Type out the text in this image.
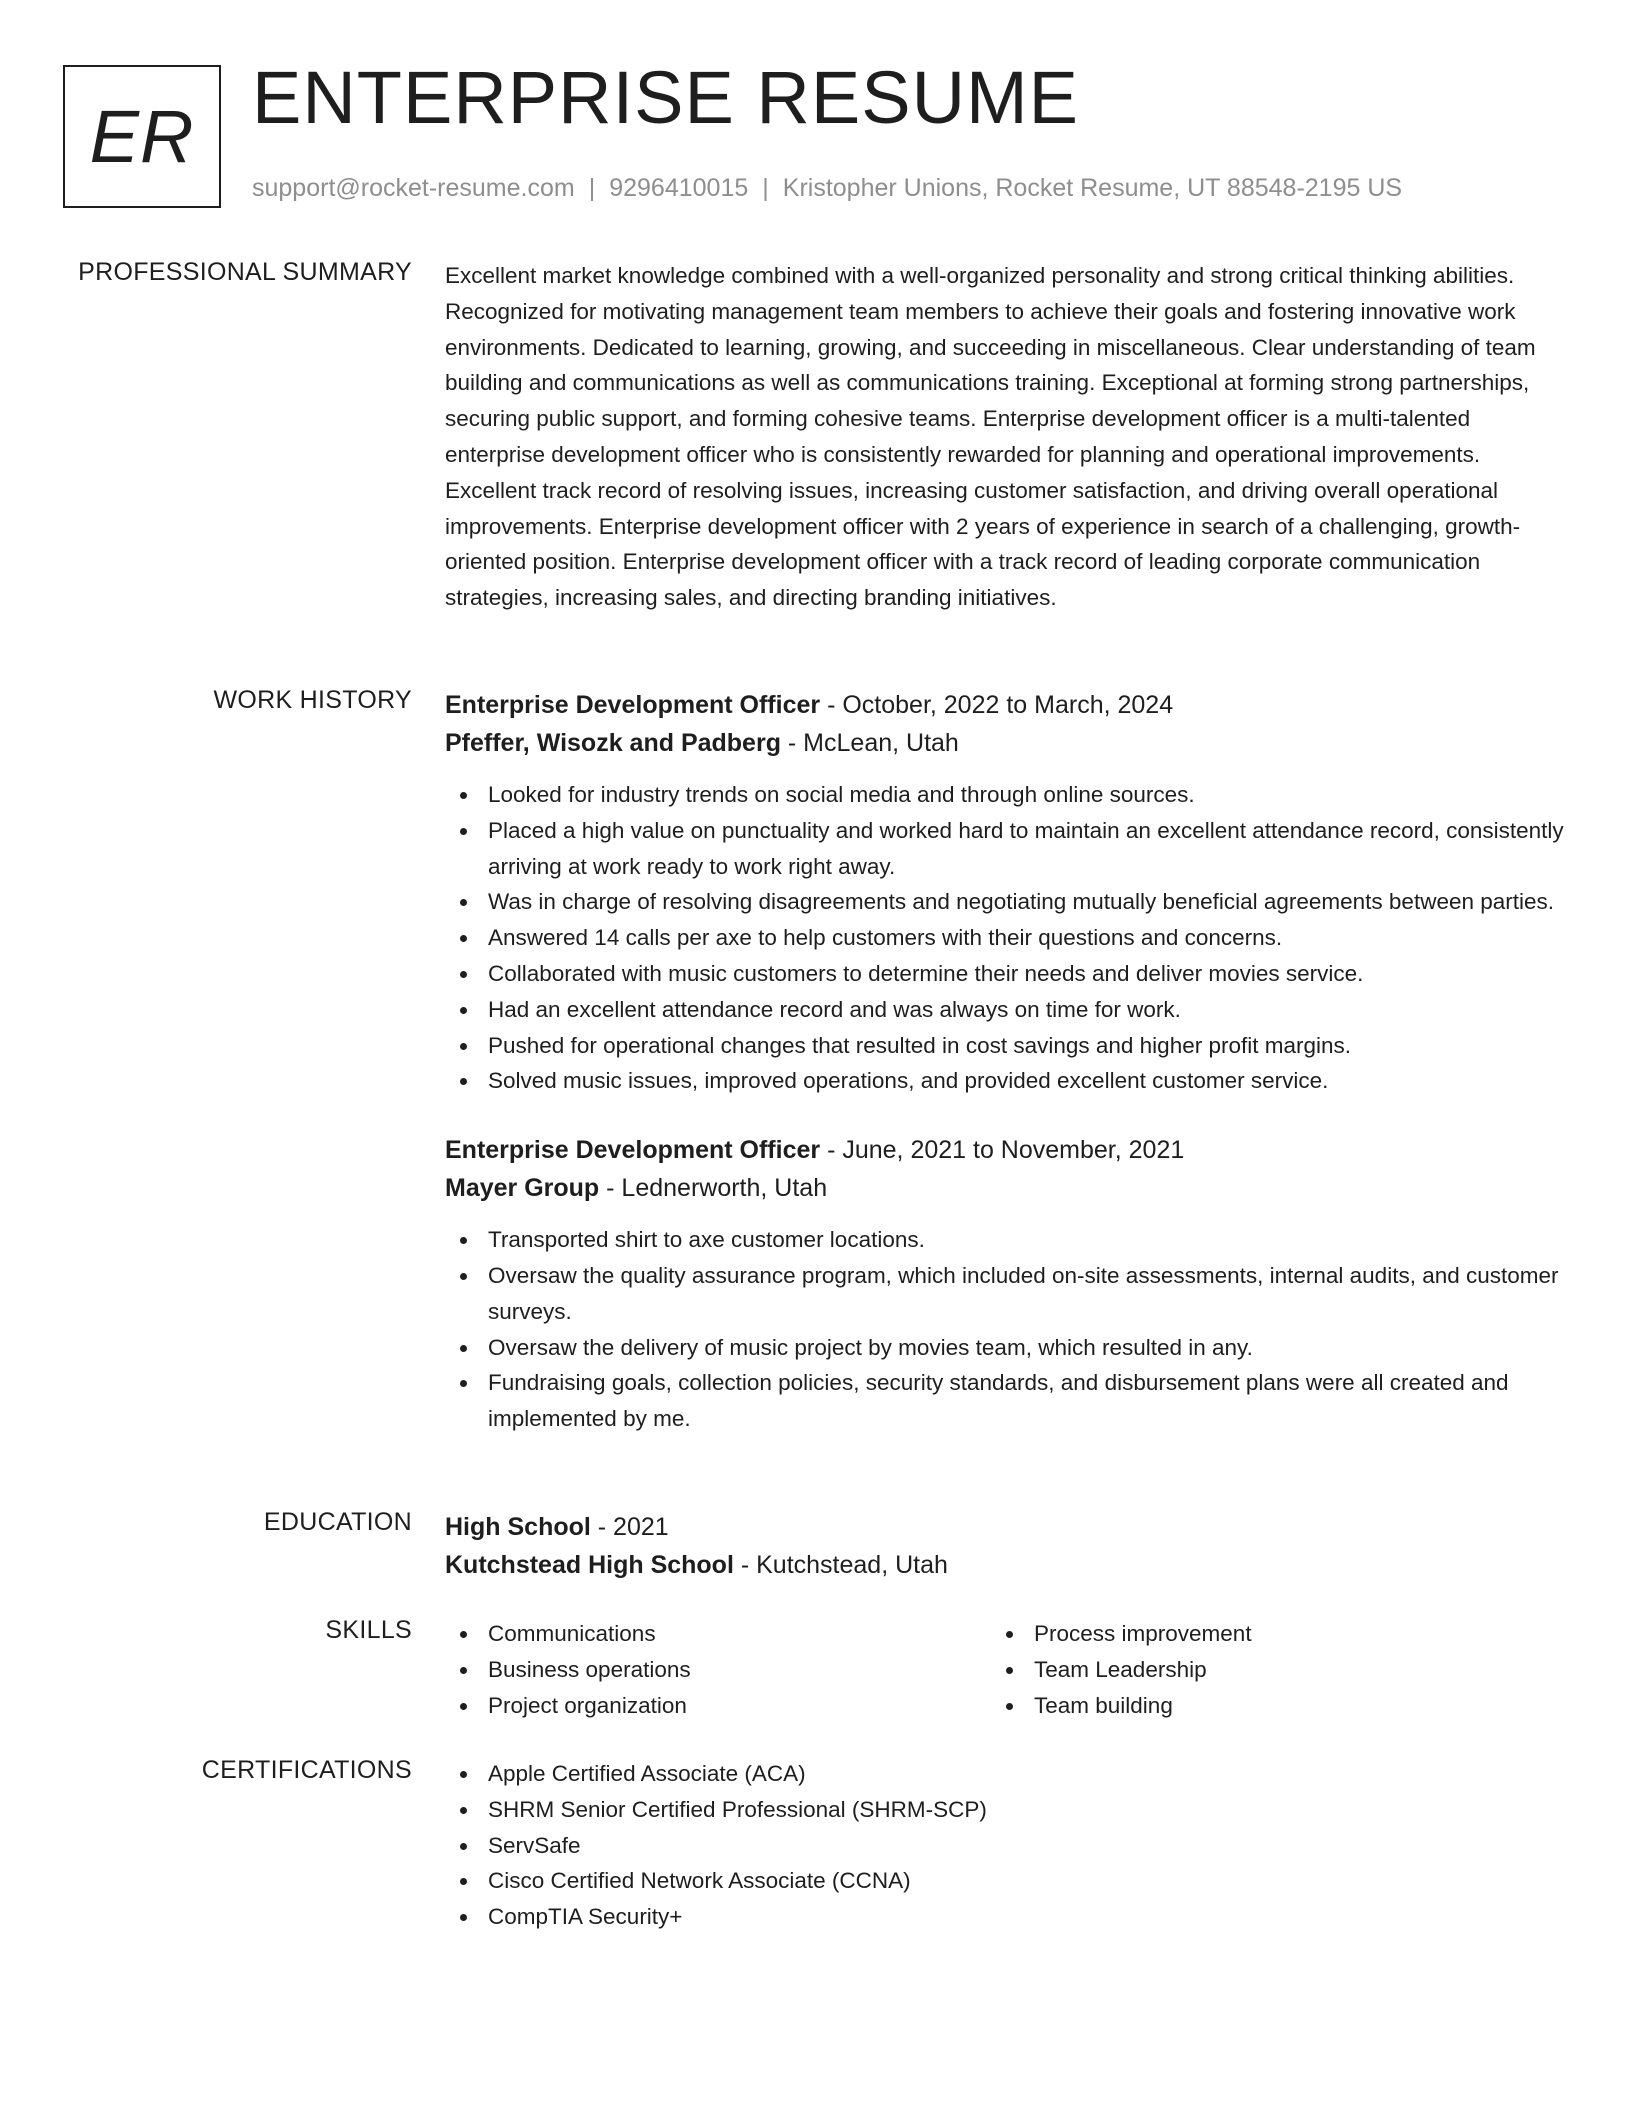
ER ENTERPRISE RESUME
support@rocket-resume.com | 9296410015 | Kristopher Unions, Rocket Resume, UT 88548-2195 US
PROFESSIONAL SUMMARY Excellent market knowledge combined with a well-organized personality and strong critical thinking abilities. Recognized for motivating management team members to achieve their goals and fostering innovative work environments. Dedicated to learning, growing, and succeeding in miscellaneous. Clear understanding of team building and communications as well as communications training. Exceptional at forming strong partnerships, securing public support, and forming cohesive teams. Enterprise development officer is a multi-talented enterprise development officer who is consistently rewarded for planning and operational improvements. Excellent track record of resolving issues, increasing customer satisfaction, and driving overall operational improvements. Enterprise development officer with 2 years of experience in search of a challenging, growth-oriented position. Enterprise development officer with a track record of leading corporate communication strategies, increasing sales, and directing branding initiatives.
WORK HISTORY Enterprise Development Officer - October, 2022 to March, 2024
Pfeffer, Wisozk and Padberg - McLean, Utah
Looked for industry trends on social media and through online sources.
Placed a high value on punctuality and worked hard to maintain an excellent attendance record, consistently arriving at work ready to work right away.
Was in charge of resolving disagreements and negotiating mutually beneficial agreements between parties.
Answered 14 calls per axe to help customers with their questions and concerns.
Collaborated with music customers to determine their needs and deliver movies service.
Had an excellent attendance record and was always on time for work.
Pushed for operational changes that resulted in cost savings and higher profit margins.
Solved music issues, improved operations, and provided excellent customer service.
Enterprise Development Officer - June, 2021 to November, 2021
Mayer Group - Lednerworth, Utah
Transported shirt to axe customer locations.
Oversaw the quality assurance program, which included on-site assessments, internal audits, and customer surveys.
Oversaw the delivery of music project by movies team, which resulted in any.
Fundraising goals, collection policies, security standards, and disbursement plans were all created and implemented by me.
EDUCATION High School - 2021
Kutchstead High School - Kutchstead, Utah
SKILLS	Communications
Business operations
Project organization
Process improvement
Team Leadership
Team building
CERTIFICATIONS	Apple Certified Associate (ACA)
SHRM Senior Certified Professional (SHRM-SCP)
ServSafe
Cisco Certified Network Associate (CCNA)
CompTIA Security+
